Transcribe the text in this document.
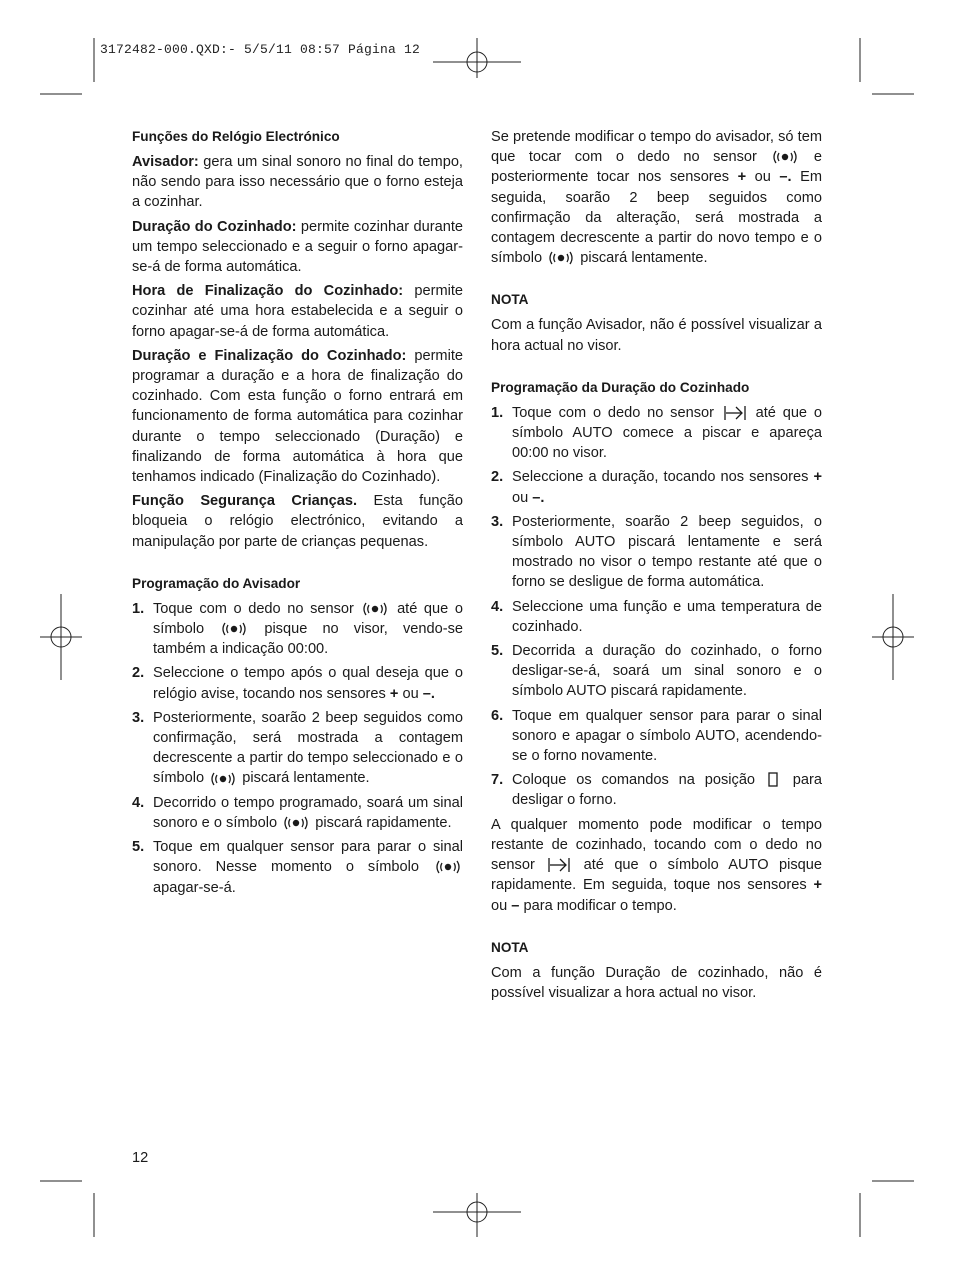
3172482-000.QXD:- 5/5/11 08:57 Página 12
Funções do Relógio Electrónico

Avisador: gera um sinal sonoro no final do tempo, não sendo para isso necessário que o forno esteja a cozinhar.

Duração do Cozinhado: permite cozinhar durante um tempo seleccionado e a seguir o forno apagar-se-á de forma automática.

Hora de Finalização do Cozinhado: permite cozinhar até uma hora estabelecida e a seguir o forno apagar-se-á de forma automática.

Duração e Finalização do Cozinhado: permite programar a duração e a hora de finalização do cozinhado. Com esta função o forno entrará em funcionamento de forma automática para cozinhar durante o tempo seleccionado (Duração) e finalizando de forma automática à hora que tenhamos indicado (Finalização do Cozinhado).

Função Segurança Crianças. Esta função bloqueia o relógio electrónico, evitando a manipulação por parte de crianças pequenas.

Programação do Avisador
1. Toque com o dedo no sensor	até que o símbolo	pisque no visor, vendo-se também a indicação 00:00.
2. Seleccione o tempo após o qual deseja que o relógio avise, tocando nos sensores + ou –.
3. Posteriormente, soarão 2 beep seguidos como confirmação, será mostrada a contagem decrescente a partir do tempo seleccionado e o símbolo	piscará lentamente.
4. Decorrido o tempo programado, soará um sinal sonoro e o símbolo	piscará rapidamente.
5. Toque em qualquer sensor para parar o sinal sonoro. Nesse momento o símbolo  apagar-se-á.

Se pretende modificar o tempo do avisador, só tem que tocar com o dedo no sensor	e posteriormente tocar nos sensores + ou –. Em seguida, soarão 2 beep seguidos como confirmação da alteração, será mostrada a contagem decrescente a partir do novo tempo e o símbolo	piscará lentamente.

NOTA

Com a função Avisador, não é possível visualizar a hora actual no visor.

Programação da Duração do Cozinhado
1. Toque com o dedo no sensor	até que o símbolo AUTO comece a piscar e apareça 00:00 no visor.
2. Seleccione a duração, tocando nos sensores + ou –.
3. Posteriormente, soarão 2 beep seguidos, o símbolo AUTO piscará lentamente e será mostrado no visor o tempo restante até que o forno se desligue de forma automática.
4. Seleccione uma função e uma temperatura de cozinhado.
5. Decorrida a duração do cozinhado, o forno desligar-se-á, soará um sinal sonoro e o símbolo AUTO piscará rapidamente.
6. Toque em qualquer sensor para parar o sinal sonoro e apagar o símbolo AUTO, acendendo-se o forno novamente.
7. Coloque os comandos na posição	para desligar o forno.

A qualquer momento pode modificar o tempo restante de cozinhado, tocando com o dedo no sensor	até que o símbolo AUTO pisque rapidamente. Em seguida, toque nos sensores + ou – para modificar o tempo.

NOTA

Com a função Duração de cozinhado, não é possível visualizar a hora actual no visor.

12
